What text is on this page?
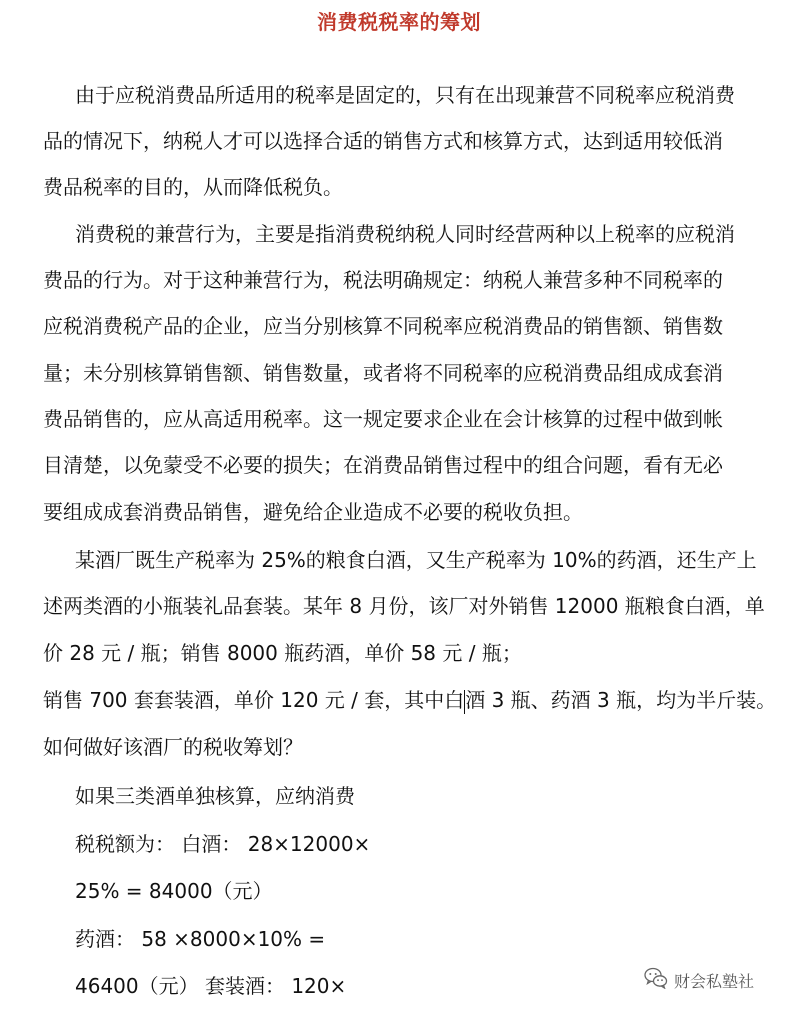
消费税税率的筹划
由于应税消费品所适用的税率是固定的，只有在出现兼营不同税率应税消费
品的情况下，纳税人才可以选择合适的销售方式和核算方式，达到适用较低消
费品税率的目的，从而降低税负。
消费税的兼营行为，主要是指消费税纳税人同时经营两种以上税率的应税消
费品的行为。对于这种兼营行为，税法明确规定：纳税人兼营多种不同税率的
应税消费税产品的企业，应当分别核算不同税率应税消费品的销售额、销售数
量；未分别核算销售额、销售数量，或者将不同税率的应税消费品组成成套消
费品销售的，应从高适用税率。这一规定要求企业在会计核算的过程中做到帐
目清楚，以免蒙受不必要的损失；在消费品销售过程中的组合问题，看有无必
要组成成套消费品销售，避免给企业造成不必要的税收负担。
某酒厂既生产税率为 25%的粮食白酒，又生产税率为 10%的药酒，还生产上
述两类酒的小瓶装礼品套装。某年 8 月份，该厂对外销售 12000 瓶粮食白酒，单
价 28 元 / 瓶；销售 8000 瓶药酒，单价 58 元 / 瓶；
销售 700 套套装酒，单价 120 元 / 套，其中白酒 3 瓶、药酒 3 瓶，均为半斤装。
如何做好该酒厂的税收筹划？
如果三类酒单独核算，应纳消费
税税额为： 白酒： 28×12000×
25% = 84000（元）
药酒： 58 ×8000×10% =
46400（元） 套装酒： 120×	财会私塾社
